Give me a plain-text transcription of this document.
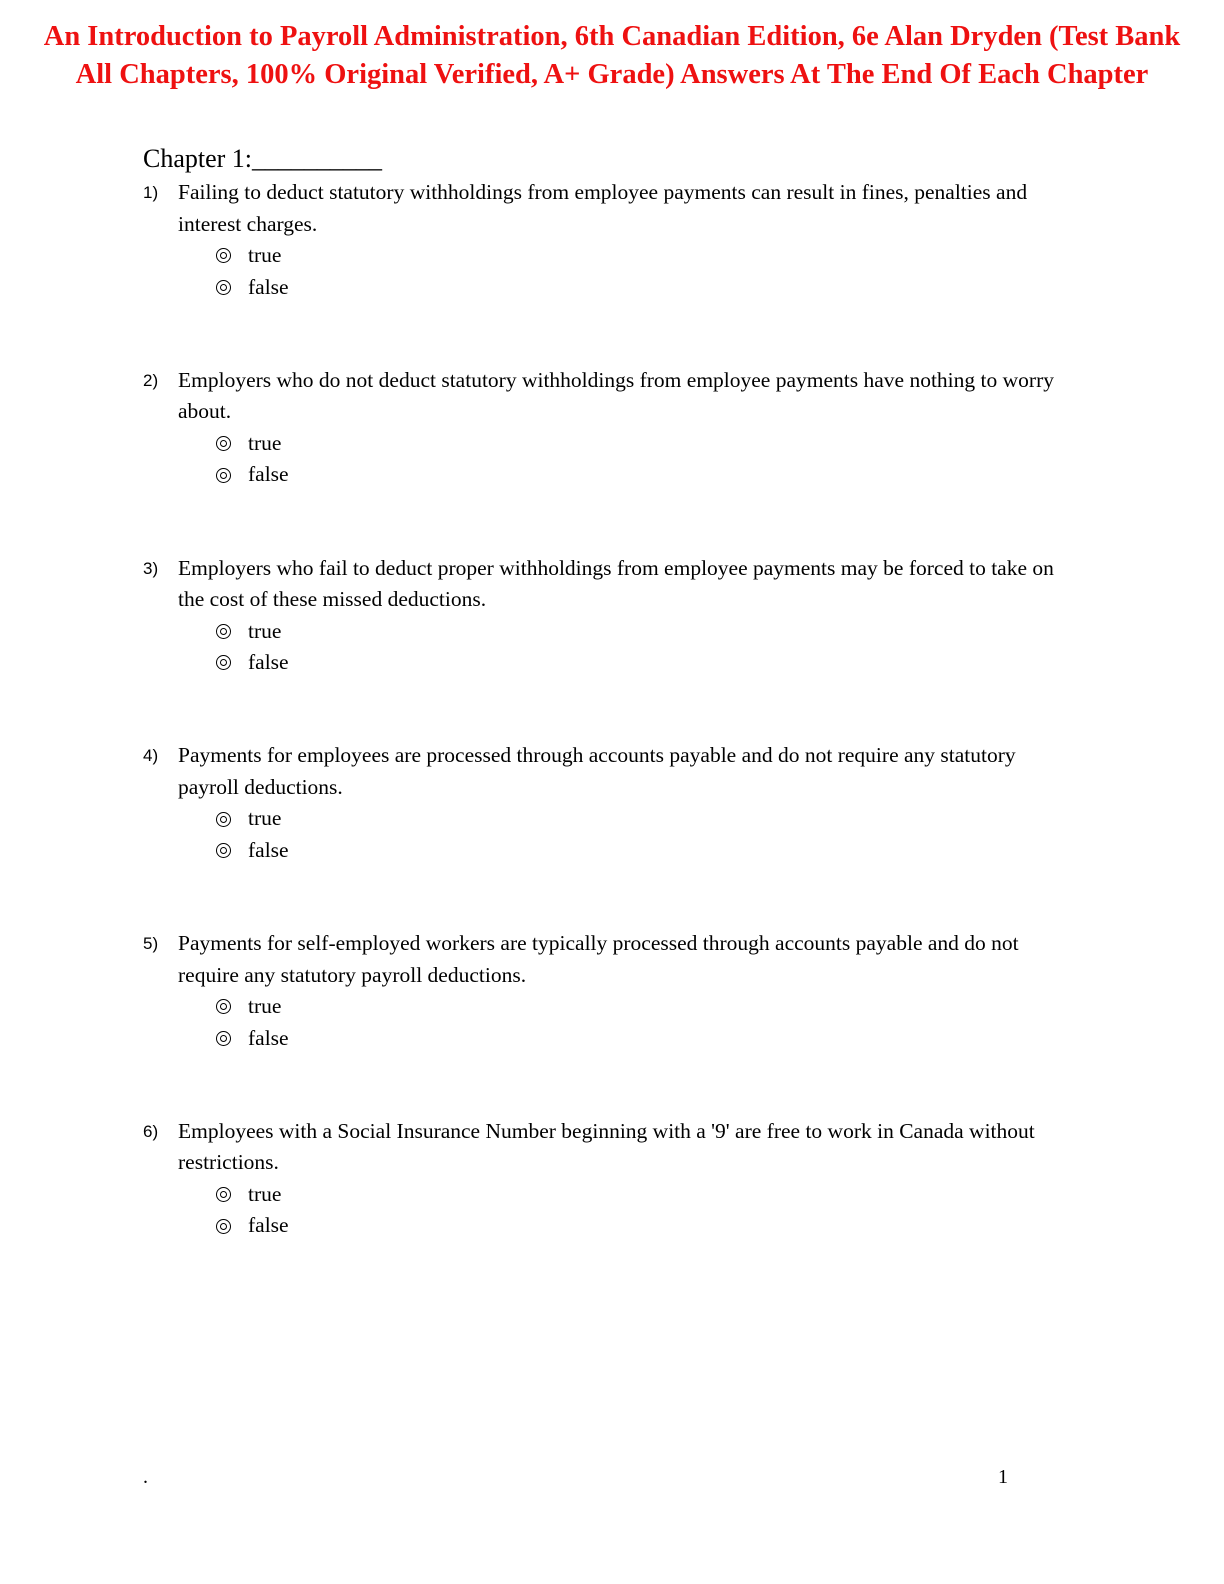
An Introduction to Payroll Administration, 6th Canadian Edition, 6e Alan Dryden (Test Bank All Chapters, 100% Original Verified, A+ Grade) Answers At The End Of Each Chapter
Chapter 1:__________
1) Failing to deduct statutory withholdings from employee payments can result in fines, penalties and interest charges.
true
false
2) Employers who do not deduct statutory withholdings from employee payments have nothing to worry about.
true
false
3) Employers who fail to deduct proper withholdings from employee payments may be forced to take on the cost of these missed deductions.
true
false
4) Payments for employees are processed through accounts payable and do not require any statutory payroll deductions.
true
false
5) Payments for self-employed workers are typically processed through accounts payable and do not require any statutory payroll deductions.
true
false
6) Employees with a Social Insurance Number beginning with a '9' are free to work in Canada without restrictions.
true
false
.	1
